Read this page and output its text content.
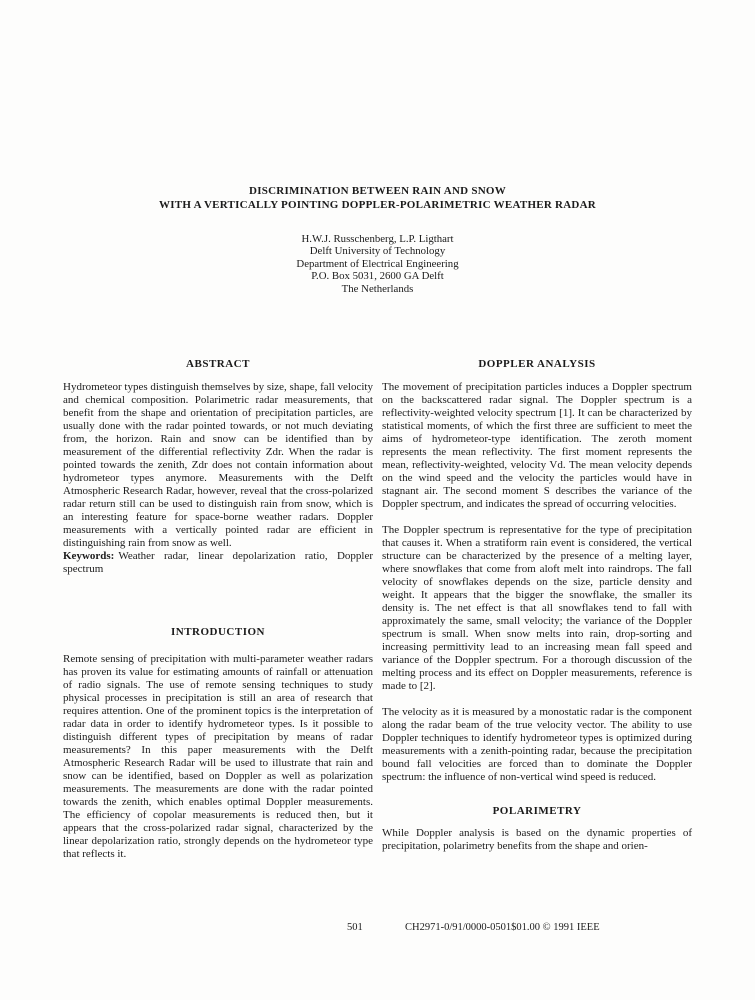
DISCRIMINATION BETWEEN RAIN AND SNOW
WITH A VERTICALLY POINTING DOPPLER-POLARIMETRIC WEATHER RADAR
H.W.J. Russchenberg, L.P. Ligthart
Delft University of Technology
Department of Electrical Engineering
P.O. Box 5031, 2600 GA Delft
The Netherlands
ABSTRACT

Hydrometeor types distinguish themselves by size, shape, fall velocity and chemical composition. Polarimetric radar measurements, that benefit from the shape and orientation of precipitation particles, are usually done with the radar pointed towards, or not much deviating from, the horizon. Rain and snow can be identified than by measurement of the differential reflectivity Zdr. When the radar is pointed towards the zenith, Zdr does not contain information about hydrometeor types anymore. Measurements with the Delft Atmospheric Research Radar, however, reveal that the cross-polarized radar return still can be used to distinguish rain from snow, which is an interesting feature for space-borne weather radars. Doppler measurements with a vertically pointed radar are efficient in distinguishing rain from snow as well.

Keywords: Weather radar, linear depolarization ratio, Doppler spectrum

INTRODUCTION

Remote sensing of precipitation with multi-parameter weather radars has proven its value for estimating amounts of rainfall or attenuation of radio signals. The use of remote sensing techniques to study physical processes in precipitation is still an area of research that requires attention. One of the prominent topics is the interpretation of radar data in order to identify hydrometeor types. Is it possible to distinguish different types of precipitation by means of radar measurements? In this paper measurements with the Delft Atmospheric Research Radar will be used to illustrate that rain and snow can be identified, based on Doppler as well as polarization measurements. The measurements are done with the radar pointed towards the zenith, which enables optimal Doppler measurements. The efficiency of copolar measurements is reduced then, but it appears that the cross-polarized radar signal, characterized by the linear depolarization ratio, strongly depends on the hydrometeor type that reflects it.

DOPPLER ANALYSIS

The movement of precipitation particles induces a Doppler spectrum on the backscattered radar signal. The Doppler spectrum is a reflectivity-weighted velocity spectrum [1]. It can be characterized by statistical moments, of which the first three are sufficient to meet the aims of hydrometeor-type identification. The zeroth moment represents the mean reflectivity. The first moment represents the mean, reflectivity-weighted, velocity Vd. The mean velocity depends on the wind speed and the velocity the particles would have in stagnant air. The second moment S describes the variance of the Doppler spectrum, and indicates the spread of occurring velocities.

The Doppler spectrum is representative for the type of precipitation that causes it. When a stratiform rain event is considered, the vertical structure can be characterized by the presence of a melting layer, where snowflakes that come from aloft melt into raindrops. The fall velocity of snowflakes depends on the size, particle density and weight. It appears that the bigger the snowflake, the smaller its density is. The net effect is that all snowflakes tend to fall with approximately the same, small velocity; the variance of the Doppler spectrum is small. When snow melts into rain, drop-sorting and increasing permittivity lead to an increasing mean fall speed and variance of the Doppler spectrum. For a thorough discussion of the melting process and its effect on Doppler measurements, reference is made to [2].

The velocity as it is measured by a monostatic radar is the component along the radar beam of the true velocity vector. The ability to use Doppler techniques to identify hydrometeor types is optimized during measurements with a zenith-pointing radar, because the precipitation bound fall velocities are forced than to dominate the Doppler spectrum: the influence of non-vertical wind speed is reduced.

POLARIMETRY

While Doppler analysis is based on the dynamic properties of precipitation, polarimetry benefits from the shape and orien-

501	CH2971-0/91/0000-0501$01.00 © 1991 IEEE
